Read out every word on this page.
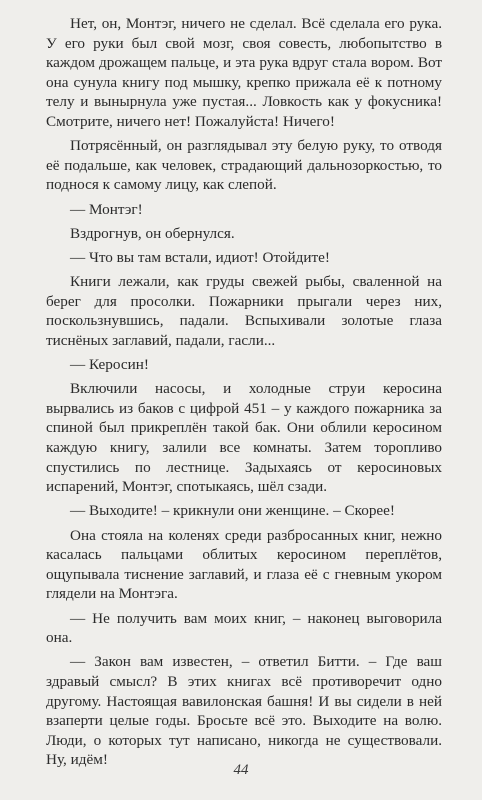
Нет, он, Монтэг, ничего не сделал. Всё сделала его рука. У его руки был свой мозг, своя совесть, любопытство в каждом дрожащем пальце, и эта рука вдруг стала вором. Вот она сунула книгу под мышку, крепко прижала её к потному телу и вынырнула уже пустая... Ловкость как у фокусника! Смотрите, ничего нет! Пожалуйста! Ничего!

Потрясённый, он разглядывал эту белую руку, то отводя её подальше, как человек, страдающий дальнозоркостью, то поднося к самому лицу, как слепой.

— Монтэг!

Вздрогнув, он обернулся.

— Что вы там встали, идиот! Отойдите!

Книги лежали, как груды свежей рыбы, сваленной на берег для просолки. Пожарники прыгали через них, поскользнувшись, падали. Вспыхивали золотые глаза тиснёных заглавий, падали, гасли...

— Керосин!

Включили насосы, и холодные струи керосина вырвались из баков с цифрой 451 – у каждого пожарника за спиной был прикреплён такой бак. Они облили керосином каждую книгу, залили все комнаты. Затем торопливо спустились по лестнице. Задыхаясь от керосиновых испарений, Монтэг, спотыкаясь, шёл сзади.

— Выходите! – крикнули они женщине. – Скорее!

Она стояла на коленях среди разбросанных книг, нежно касалась пальцами облитых керосином переплётов, ощупывала тиснение заглавий, и глаза её с гневным укором глядели на Монтэга.

— Не получить вам моих книг, – наконец выговорила она.

— Закон вам известен, – ответил Битти. – Где ваш здравый смысл? В этих книгах всё противоречит одно другому. Настоящая вавилонская башня! И вы сидели в ней взаперти целые годы. Бросьте всё это. Выходите на волю. Люди, о которых тут написано, никогда не существовали. Ну, идём!

44
